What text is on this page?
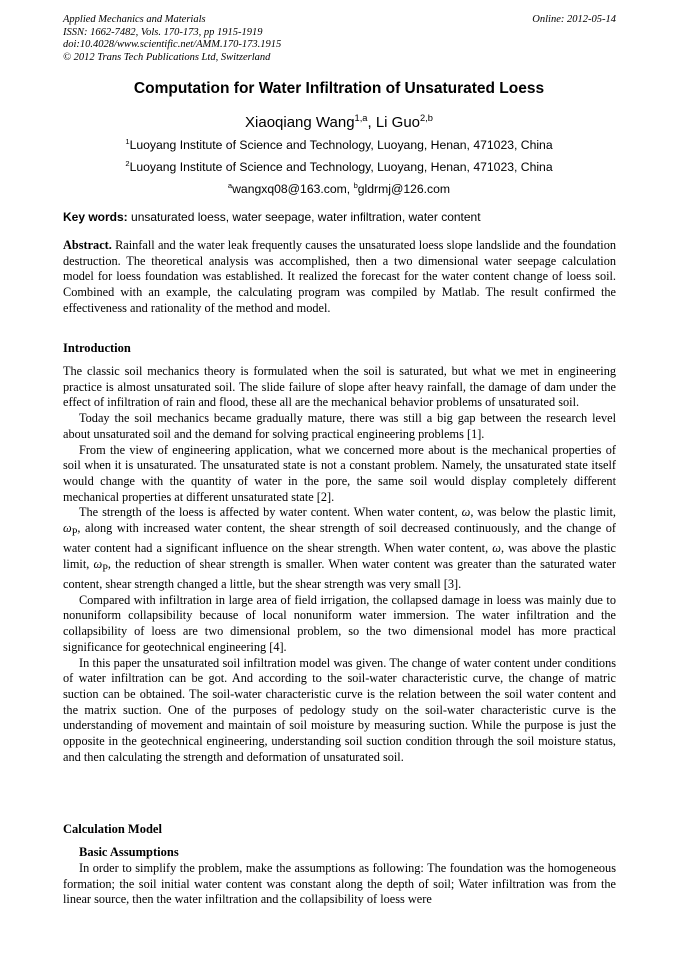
Applied Mechanics and Materials
ISSN: 1662-7482, Vols. 170-173, pp 1915-1919
doi:10.4028/www.scientific.net/AMM.170-173.1915
© 2012 Trans Tech Publications Ltd, Switzerland
Online: 2012-05-14
Computation for Water Infiltration of Unsaturated Loess
Xiaoqiang Wang$^{1,a}$, Li Guo$^{2,b}$
$^1$Luoyang Institute of Science and Technology, Luoyang, Henan, 471023, China
$^2$Luoyang Institute of Science and Technology, Luoyang, Henan, 471023, China
$^a$wangxq08@163.com, $^b$gldrmj@126.com
Key words: unsaturated loess, water seepage, water infiltration, water content

Abstract. Rainfall and the water leak frequently causes the unsaturated loess slope landslide and the foundation destruction. The theoretical analysis was accomplished, then a two dimensional water seepage calculation model for loess foundation was established. It realized the forecast for the water content change of loess soil. Combined with an example, the calculating program was compiled by Matlab. The result confirmed the effectiveness and rationality of the method and model.

Introduction

The classic soil mechanics theory is formulated when the soil is saturated, but what we met in engineering practice is almost unsaturated soil. The slide failure of slope after heavy rainfall, the damage of dam under the effect of infiltration of rain and flood, these all are the mechanical behavior problems of unsaturated soil.

Today the soil mechanics became gradually mature, there was still a big gap between the research level about unsaturated soil and the demand for solving practical engineering problems [1].

From the view of engineering application, what we concerned more about is the mechanical properties of soil when it is unsaturated. The unsaturated state is not a constant problem. Namely, the unsaturated state itself would change with the quantity of water in the pore, the same soil would display completely different mechanical properties at different unsaturated state [2].

The strength of the loess is affected by water content. When water content, ω, was below the plastic limit, $\omega_P$, along with increased water content, the shear strength of soil decreased continuously, and the change of water content had a significant influence on the shear strength. When water content, ω, was above the plastic limit, $\omega_P$, the reduction of shear strength is smaller. When water content was greater than the saturated water content, shear strength changed a little, but the shear strength was very small [3].

Compared with infiltration in large area of field irrigation, the collapsed damage in loess was mainly due to nonuniform collapsibility because of local nonuniform water immersion. The water infiltration and the collapsibility of loess are two dimensional problem, so the two dimensional model has more practical significance for geotechnical engineering [4].

In this paper the unsaturated soil infiltration model was given. The change of water content under conditions of water infiltration can be got. And according to the soil-water characteristic curve, the change of matric suction can be obtained. The soil-water characteristic curve is the relation between the soil water content and the matrix suction. One of the purposes of pedology study on the soil-water characteristic curve is the understanding of movement and maintain of soil moisture by measuring suction. While the purpose is just the opposite in the geotechnical engineering, understanding soil suction condition through the soil moisture status, and then calculating the strength and deformation of unsaturated soil.

Calculation Model
Basic Assumptions

In order to simplify the problem, make the assumptions as following: The foundation was the homogeneous formation; the soil initial water content was constant along the depth of soil; Water infiltration was from the linear source, then the water infiltration and the collapsibility of loess were
